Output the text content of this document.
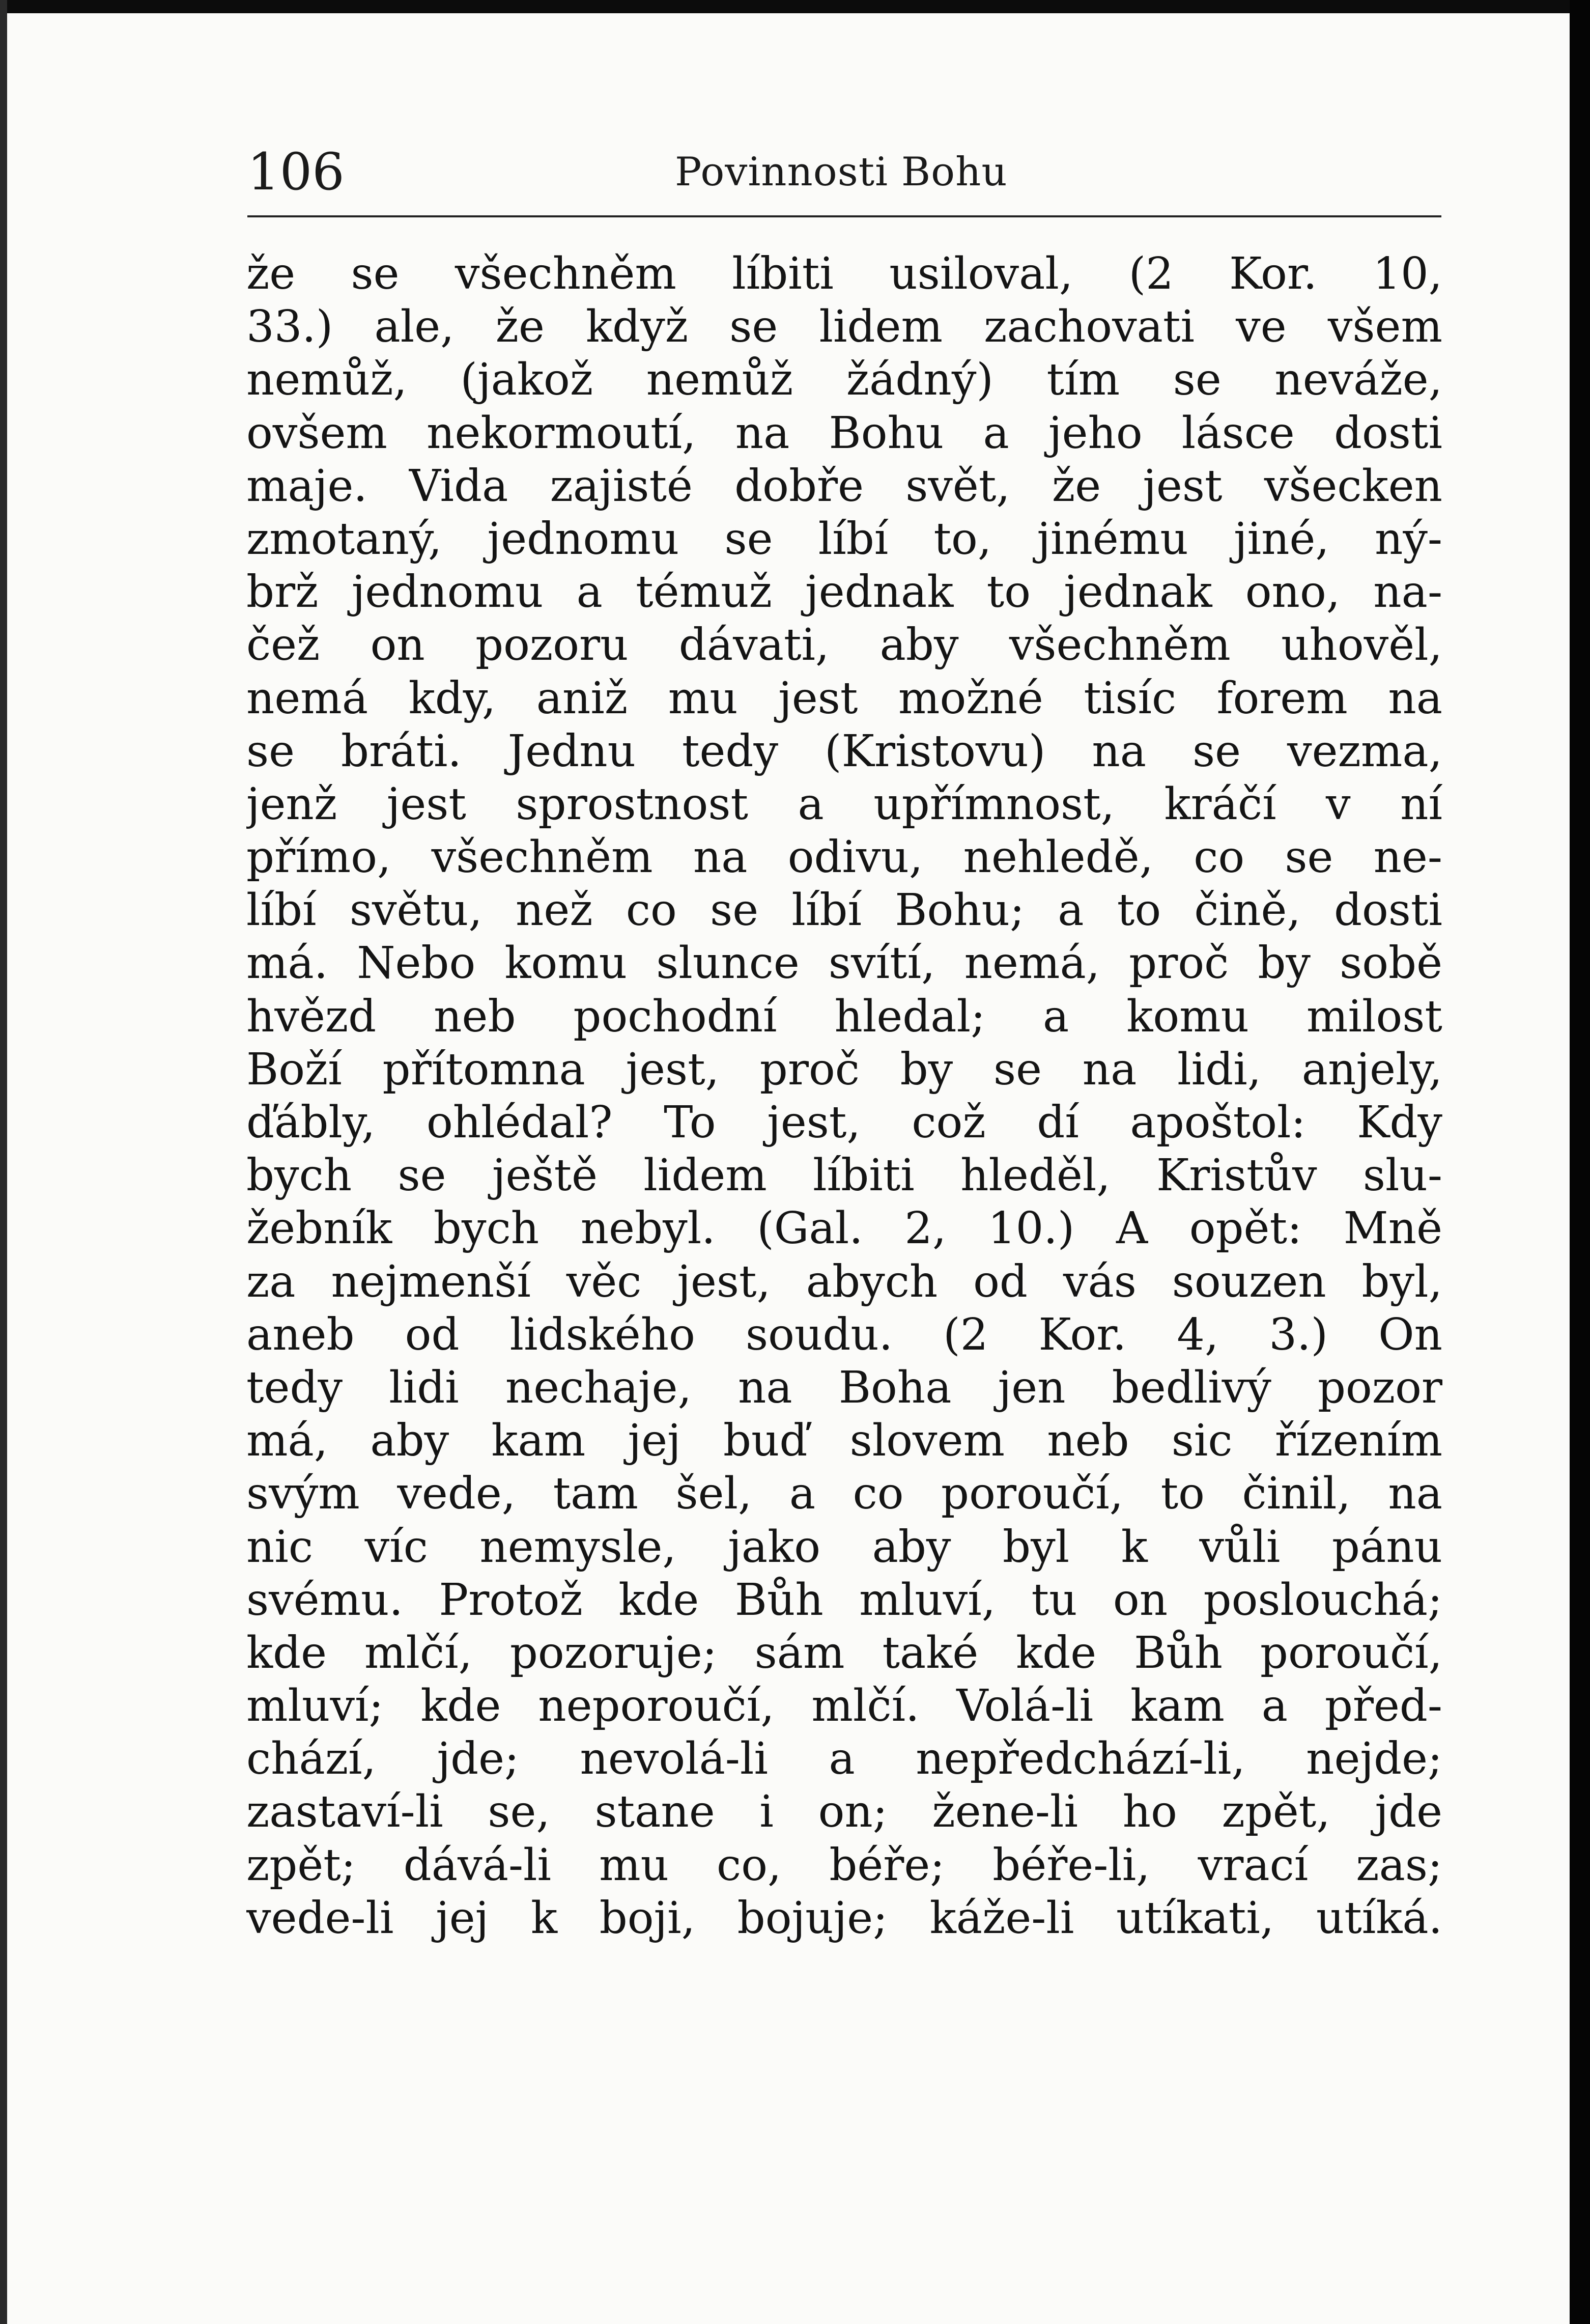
106	Povinnosti Bohu
že se všechněm líbiti usiloval, (2 Kor. 10,
33.) ale, že když se lidem zachovati ve všem
nemůž, (jakož nemůž žádný) tím se neváže,
ovšem nekormoutí, na Bohu a jeho lásce dosti
maje. Vida zajisté dobře svět, že jest všecken
zmotaný, jednomu se líbí to, jinému jiné, ný-
brž jednomu a témuž jednak to jednak ono, na-
čež on pozoru dávati, aby všechněm uhověl,
nemá kdy, aniž mu jest možné tisíc forem na
se bráti. Jednu tedy (Kristovu) na se vezma,
jenž jest sprostnost a upřímnost, kráčí v ní
přímo, všechněm na odivu, nehledě, co se ne-
líbí světu, než co se líbí Bohu; a to čině, dosti
má. Nebo komu slunce svítí, nemá, proč by sobě
hvězd neb pochodní hledal; a komu milost
Boží přítomna jest, proč by se na lidi, anjely,
ďábly, ohlédal? To jest, což dí apoštol: Kdy
bych se ještě lidem líbiti hleděl, Kristův slu-
žebník bych nebyl. (Gal. 2, 10.) A opět: Mně
za nejmenší věc jest, abych od vás souzen byl,
aneb od lidského soudu. (2 Kor. 4, 3.) On
tedy lidi nechaje, na Boha jen bedlivý pozor
má, aby kam jej buď slovem neb sic řízením
svým vede, tam šel, a co poroučí, to činil, na
nic víc nemysle, jako aby byl k vůli pánu
svému. Protož kde Bůh mluví, tu on poslouchá;
kde mlčí, pozoruje; sám také kde Bůh poroučí,
mluví; kde neporoučí, mlčí. Volá-li kam a před-
chází, jde; nevolá-li a nepředchází-li, nejde;
zastaví-li se, stane i on; žene-li ho zpět, jde
zpět; dává-li mu co, béře; béře-li, vrací zas;
vede-li jej k boji, bojuje; káže-li utíkati, utíká.
